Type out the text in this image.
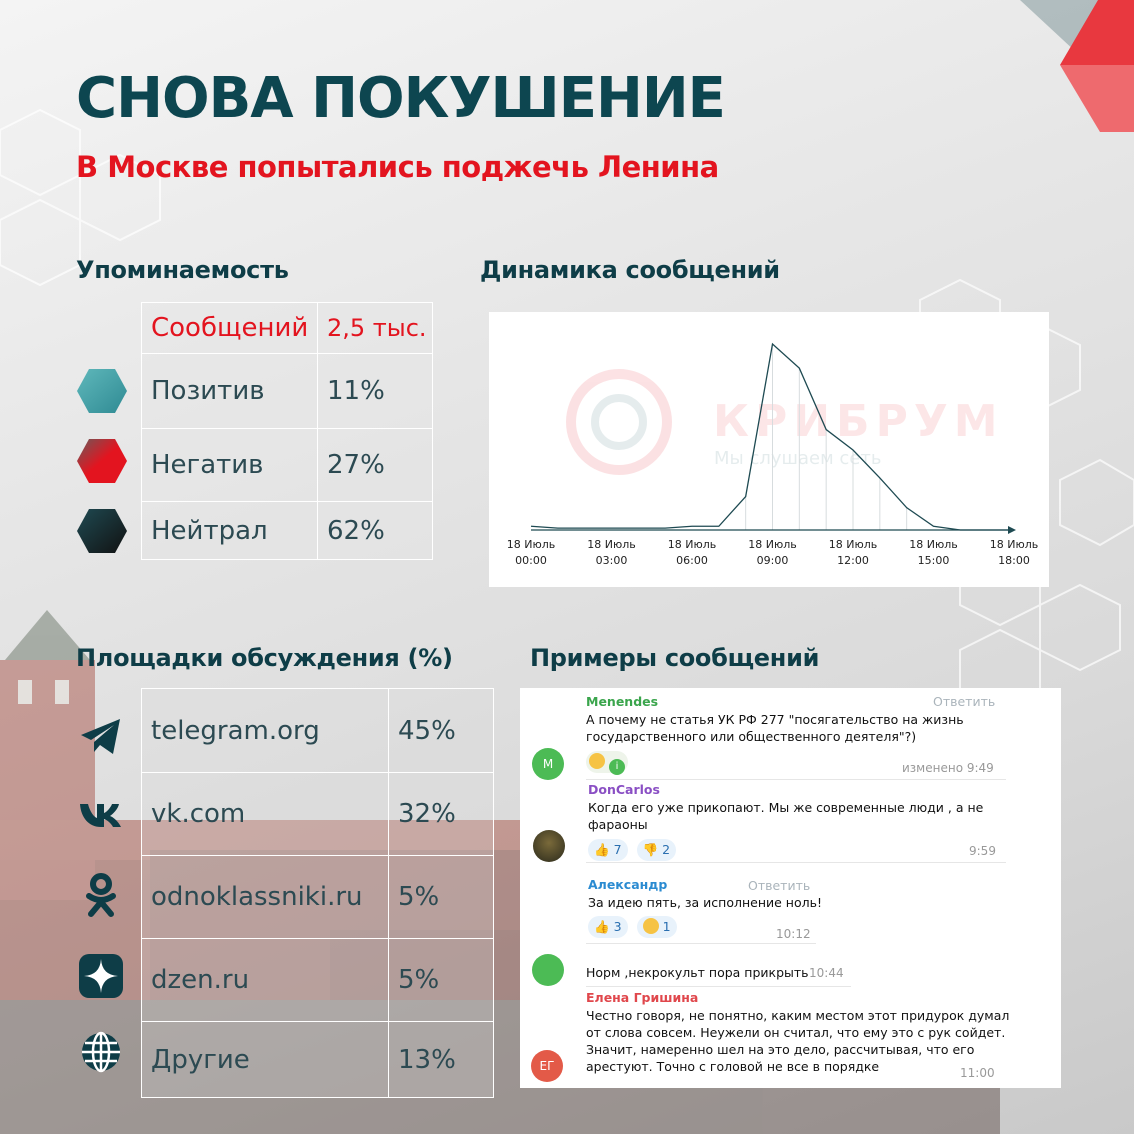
СНОВА ПОКУШЕНИЕ
В Москве попытались поджечь Ленина
Упоминаемость
Сообщений	2,5 тыс.
Позитив	11%
Негатив	27%
Нейтрал	62%
Динамика сообщений
КРИБРУМ
Мы слушаем сеть
18 Июль
00:00
18 Июль
03:00
18 Июль
06:00
18 Июль
09:00
18 Июль
12:00
18 Июль
15:00
18 Июль
18:00
Площадки обсуждения (%)
telegram.org	45%
vk.com	32%
odnoklassniki.ru	5%
dzen.ru	5%
Другие	13%
Примеры сообщений
Menendes
А почему не статья УК РФ 277 "посягательство на жизнь
государственного или общественного деятеля"?)
i
Ответить
изменено 9:49
M
DonCarlos
Когда его уже прикопают. Мы же современные люди , а не
фараоны
👍 7 👎 2	9:59
Александр
За идею пять, за исполнение ноль!
👍 3	1
Ответить
10:12
Норм ,некрокульт пора прикрыть 10:44
Елена Гришина
Честно говоря, не понятно, каким местом этот придурок думал
от слова совсем. Неужели он считал, что ему это с рук сойдет.
Значит, намеренно шел на это дело, рассчитывая, что его
арестуют. Точно с головой не все в порядке	11:00
ЕГ
